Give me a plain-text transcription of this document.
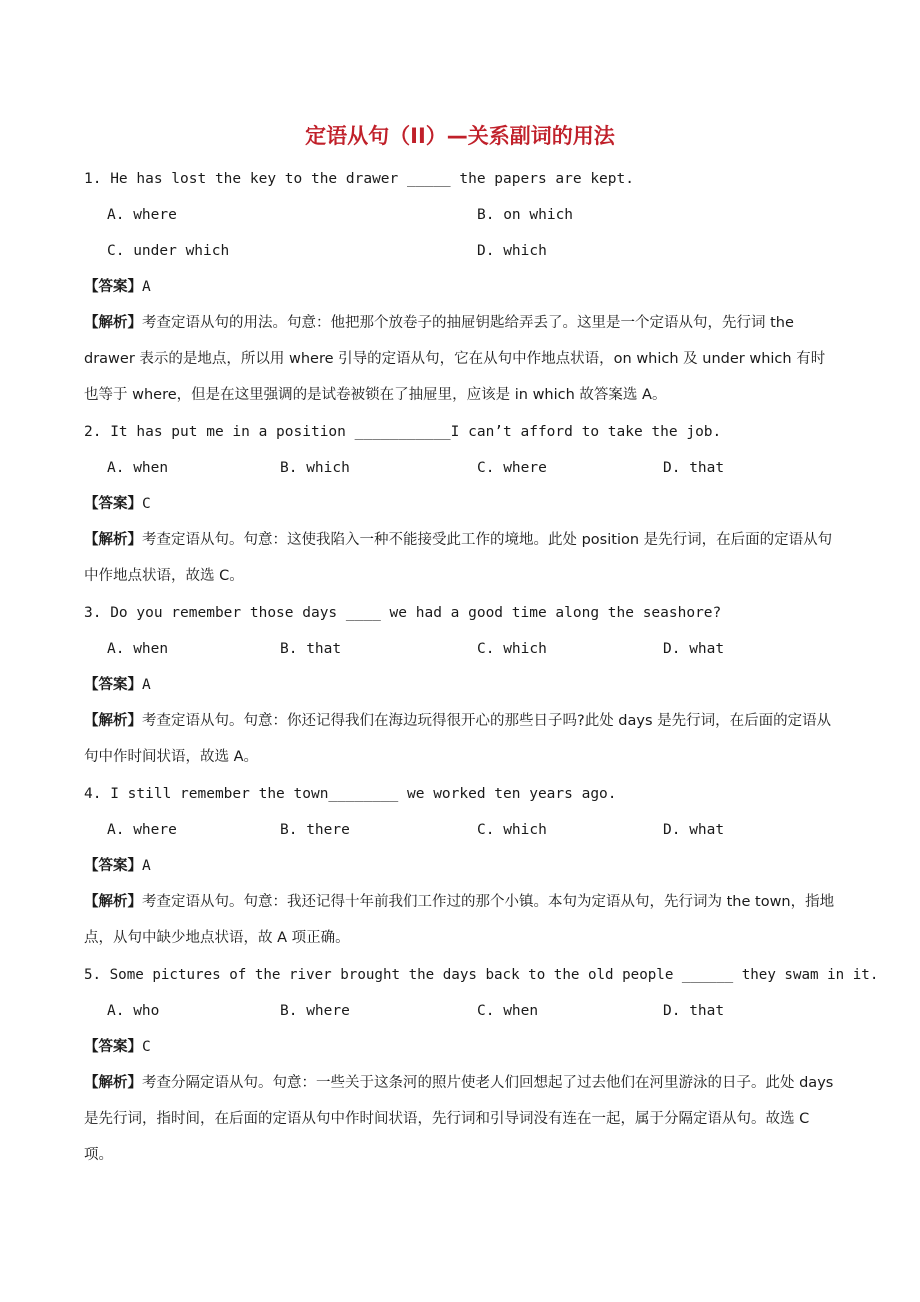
定语从句（II）—关系副词的用法
1. He has lost the key to the drawer _____ the papers are kept.
A. where	B. on which
C. under which	D. which
【答案】A
【解析】考查定语从句的用法。句意：他把那个放卷子的抽屉钥匙给弄丢了。这里是一个定语从句，先行词 the drawer 表示的是地点，所以用 where 引导的定语从句，它在从句中作地点状语，on which 及 under which 有时也等于 where，但是在这里强调的是试卷被锁在了抽屉里，应该是 in which 故答案选 A。
2. It has put me in a position ___________I can’t afford to take the job.
A. when	B. which	C. where	D. that
【答案】C
【解析】考查定语从句。句意：这使我陷入一种不能接受此工作的境地。此处 position 是先行词，在后面的定语从句中作地点状语，故选 C。
3. Do you remember those days ____ we had a good time along the seashore?
A. when	B. that	C. which	D. what
【答案】A
【解析】考查定语从句。句意：你还记得我们在海边玩得很开心的那些日子吗?此处 days 是先行词，在后面的定语从句中作时间状语，故选 A。
4. I still remember the town________ we worked ten years ago.
A. where	B. there	C. which	D. what
【答案】A
【解析】考查定语从句。句意：我还记得十年前我们工作过的那个小镇。本句为定语从句，先行词为 the town，指地点，从句中缺少地点状语，故 A 项正确。
5. Some pictures of the river brought the days back to the old people ______ they swam in it.
A. who	B. where	C. when	D. that
【答案】C
【解析】考查分隔定语从句。句意：一些关于这条河的照片使老人们回想起了过去他们在河里游泳的日子。此处 days 是先行词，指时间，在后面的定语从句中作时间状语，先行词和引导词没有连在一起，属于分隔定语从句。故选 C 项。
